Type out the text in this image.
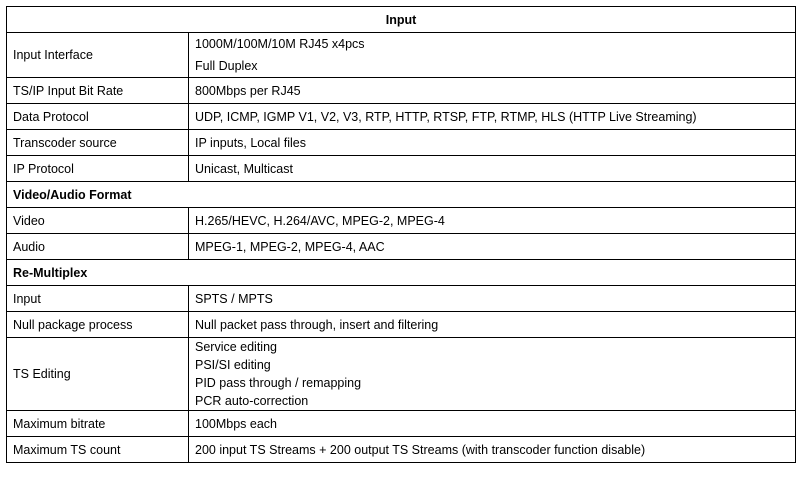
Input	
Input Interface	1000M/100M/10M RJ45 x4pcs
Full Duplex

TS/IP Input Bit Rate	800Mbps per RJ45

Data Protocol	UDP, ICMP, IGMP V1, V2, V3, RTP, HTTP, RTSP, FTP, RTMP, HLS (HTTP Live Streaming)

Transcoder source	IP inputs, Local files

IP Protocol	Unicast, Multicast

Video/Audio Format	
Video	H.265/HEVC, H.264/AVC, MPEG-2, MPEG-4

Audio	MPEG-1, MPEG-2, MPEG-4, AAC

Re-Multiplex	
Input	SPTS / MPTS

Null package process	Null packet pass through, insert and filtering

TS Editing	Service editing
PSI/SI editing
PID pass through / remapping
PCR auto-correction

Maximum bitrate	100Mbps each

Maximum TS count	200 input TS Streams + 200 output TS Streams (with transcoder function disable)
